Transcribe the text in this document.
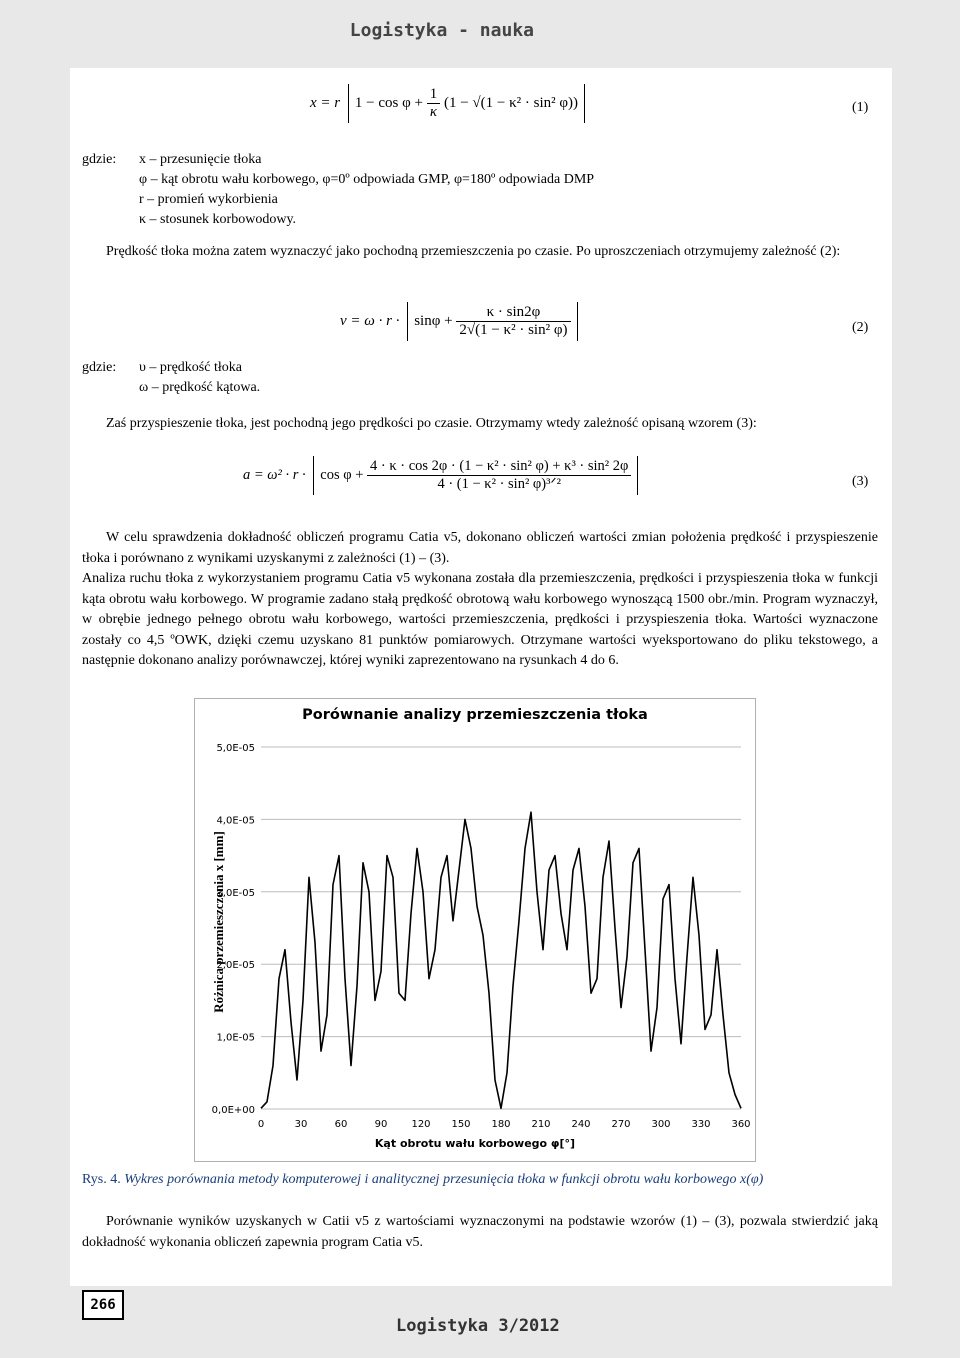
Logistyka - nauka
x = r $1 - \cos \varphi + \frac{1}{\kappa} (1 - √(1 - \kappa^2 \cdot \sin^2$ φ))	(1)
gdzie: x – przesunięcie tłoka
φ – kąt obrotu wału korbowego, φ=0º odpowiada GMP, φ=180º odpowiada DMP
r – promień wykorbienia
κ – stosunek korbowodowy.
Prędkość tłoka można zatem wyznaczyć jako pochodną przemieszczenia po czasie. Po uproszczeniach otrzymujemy zależność (2):
$v = \omega \cdot r \cdot \sin\varphi + \frac{\kappa \cdot \sin 2\varphi}{\text{2√(1 − κ² · sin² φ)}}$	(2)
gdzie: υ – prędkość tłoka
ω – prędkość kątowa.
Zaś przyspieszenie tłoka, jest pochodną jego prędkości po czasie. Otrzymamy wtedy zależność opisaną wzorem (3):
$a = \omega^2 \cdot r \cdot \cos \varphi + \frac{\text{4 · κ · cos 2φ · (1 − κ² · sin² φ) + κ³ · sin² 2φ}}{\text{4 · (1 − κ² · sin² φ)³ᐟ²}}$	(3)
W celu sprawdzenia dokładność obliczeń programu Catia v5, dokonano obliczeń wartości zmian położenia prędkość i przyspieszenie tłoka i porównano z wynikami uzyskanymi z zależności (1) – (3).
Analiza ruchu tłoka z wykorzystaniem programu Catia v5 wykonana została dla przemieszczenia, prędkości i przyspieszenia tłoka w funkcji kąta obrotu wału korbowego. W programie zadano stałą prędkość obrotową wału korbowego wynoszącą 1500 obr./min. Program wyznaczył, w obrębie jednego pełnego obrotu wału korbowego, wartości przemieszczenia, prędkości i przyspieszenia tłoka. Wartości wyznaczone zostały co 4,5 ºOWK, dzięki czemu uzyskano 81 punktów pomiarowych. Otrzymane wartości wyeksportowano do pliku tekstowego, a następnie dokonano analizy porównawczej, której wyniki zaprezentowano na rysunkach 4 do 6.
Porównanie analizy przemieszczenia tłoka
Różnica przemieszczenia x [mm]
0,0E+00
1,0E-05
2,0E-05
3,0E-05
4,0E-05
5,0E-05
0	30	60	90 120 150 180 210 240 270 300 330 360
Kąt obrotu wału korbowego φ[°]
Rys. 4. Wykres porównania metody komputerowej i analitycznej przesunięcia tłoka w funkcji obrotu wału korbowego x(φ)
Porównanie wyników uzyskanych w Catii v5 z wartościami wyznaczonymi na podstawie wzorów (1) – (3), pozwala stwierdzić jaką dokładność wykonania obliczeń zapewnia program Catia v5.
266
Logistyka 3/2012
